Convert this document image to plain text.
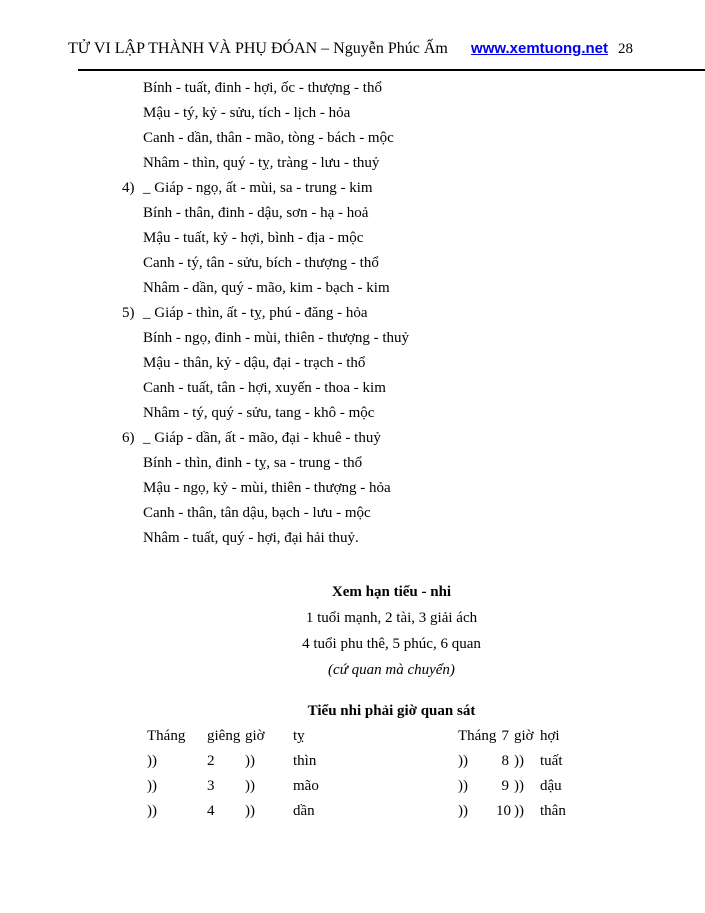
TỬ VI LẬP THÀNH VÀ PHỤ ĐÓAN – Nguyễn Phúc Ấm www.xemtuong.net 28
Bính - tuất, đinh - hợi, ốc - thượng - thổ
Mậu - tý, kỷ - sửu, tích - lịch - hỏa
Canh - dần, thân - mão, tòng - bách - mộc
Nhâm - thìn, quý - tỵ, tràng - lưu - thuỷ
4) _ Giáp - ngọ, ất - mùi, sa - trung - kim
Bính - thân, đinh - dậu, sơn - hạ - hoả
Mậu - tuất, kỷ - hợi, bình - địa - mộc
Canh - tý, tân - sửu, bích - thượng - thổ
Nhâm - dần, quý - mão, kim - bạch - kim
5) _ Giáp - thìn, ất - tỵ, phú - đăng - hỏa
Bính - ngọ, đinh - mùi, thiên - thượng - thuỷ
Mậu - thân, kỷ - dậu, đại - trạch - thổ
Canh - tuất, tân - hợi, xuyến - thoa - kim
Nhâm - tý, quý - sửu, tang - khô - mộc
6) _ Giáp - dần, ất - mão, đại - khuê - thuỷ
Bính - thìn, đinh - tỵ, sa - trung - thổ
Mậu - ngọ, kỷ - mùi, thiên - thượng - hỏa
Canh - thân, tân dậu, bạch - lưu - mộc
Nhâm - tuất, quý - hợi, đại hải thuỷ.
Xem hạn tiểu - nhi
1 tuổi mạnh, 2 tài, 3 giải ách
4 tuổi phu thê, 5 phúc, 6 quan
(cứ quan mà chuyển)
Tiểu nhi phải giờ quan sát
Tháng	giêng	giờ	tỵ
))	2	))	thìn
))	3	))	mão
))	4	))	dần
Tháng	7	giờ	hợi
))	8	))	tuất
))	9	))	dậu
))	10	))	thân
